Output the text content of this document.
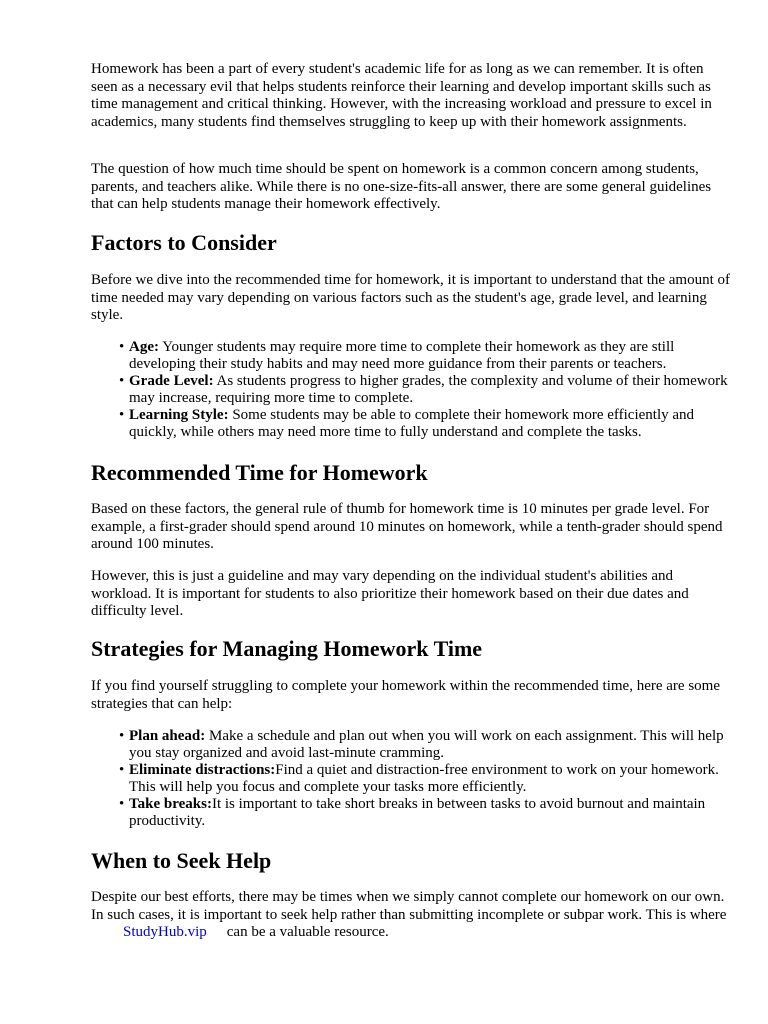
Homework has been a part of every student's academic life for as long as we can remember. It is often seen as a necessary evil that helps students reinforce their learning and develop important skills such as time management and critical thinking. However, with the increasing workload and pressure to excel in academics, many students find themselves struggling to keep up with their homework assignments.

The question of how much time should be spent on homework is a common concern among students, parents, and teachers alike. While there is no one-size-fits-all answer, there are some general guidelines that can help students manage their homework effectively.

Factors to Consider

Before we dive into the recommended time for homework, it is important to understand that the amount of time needed may vary depending on various factors such as the student's age, grade level, and learning style.

• Age: Younger students may require more time to complete their homework as they are still developing their study habits and may need more guidance from their parents or teachers.
• Grade Level: As students progress to higher grades, the complexity and volume of their homework may increase, requiring more time to complete.
• Learning Style: Some students may be able to complete their homework more efficiently and quickly, while others may need more time to fully understand and complete the tasks.
Recommended Time for Homework

Based on these factors, the general rule of thumb for homework time is 10 minutes per grade level. For example, a first-grader should spend around 10 minutes on homework, while a tenth-grader should spend around 100 minutes.

However, this is just a guideline and may vary depending on the individual student's abilities and workload. It is important for students to also prioritize their homework based on their due dates and difficulty level.

Strategies for Managing Homework Time

If you find yourself struggling to complete your homework within the recommended time, here are some strategies that can help:

• Plan ahead: Make a schedule and plan out when you will work on each assignment. This will help you stay organized and avoid last-minute cramming.
• Eliminate distractions:Find a quiet and distraction-free environment to work on your homework. This will help you focus and complete your tasks more efficiently.
• Take breaks:It is important to take short breaks in between tasks to avoid burnout and maintain productivity.
When to Seek Help

Despite our best efforts, there may be times when we simply cannot complete our homework on our own. In such cases, it is important to seek help rather than submitting incomplete or subpar work. This is whereStudyHub.vip can be a valuable resource.
